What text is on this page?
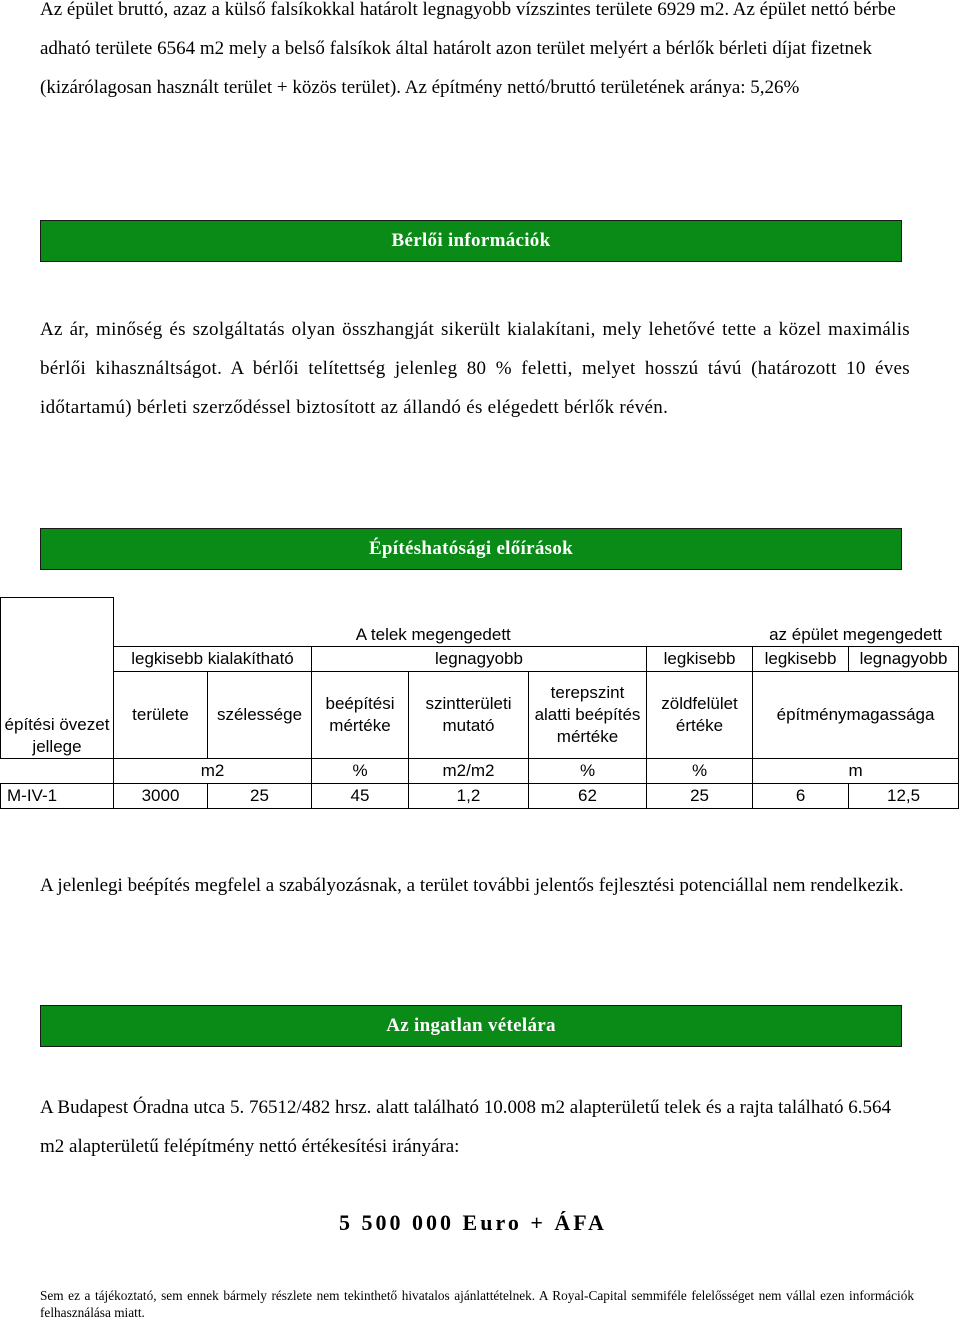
Az épület bruttó, azaz a külső falsíkokkal határolt legnagyobb vízszintes területe 6929 m2. Az épület nettó bérbe adható területe 6564 m2 mely a belső falsíkok által határolt azon terület melyért a bérlők bérleti díjat fizetnek (kizárólagosan használt terület + közös terület). Az építmény nettó/bruttó területének aránya: 5,26%

Bérlői információk

Az ár, minőség és szolgáltatás olyan összhangját sikerült kialakítani, mely lehetővé tette a közel maximális bérlői kihasználtságot. A bérlői telítettség jelenleg 80 % feletti, melyet hosszú távú (határozott 10 éves időtartamú) bérleti szerződéssel biztosított az állandó és elégedett bérlők révén.

Építéshatósági előírások
építési övezet jellege	A telek megengedett						az épület megengedett	
	legkisebb kialakítható		legnagyobb			legkisebb	legkisebb	legnagyobb
	területe	szélessége	beépítési mértéke	szintterületi mutató	terepszint alatti beépítés mértéke	zöldfelület értéke	építménymagassága	
	m2		%	m2/m2	%	%	m	
M-IV-1	3000	25	45	1,2	62	25	6	12,5

A jelenlegi beépítés megfelel a szabályozásnak, a terület további jelentős fejlesztési potenciállal nem rendelkezik.

Az ingatlan vételára

A Budapest Óradna utca 5. 76512/482 hrsz. alatt található 10.008 m2 alapterületű telek és a rajta található 6.564 m2 alapterületű felépítmény nettó értékesítési irányára:

5 500 000 Euro + ÁFA
Sem ez a tájékoztató, sem ennek bármely részlete nem tekinthető hivatalos ajánlattételnek. A Royal-Capital semmiféle felelősséget nem vállal ezen információk felhasználása miatt.
